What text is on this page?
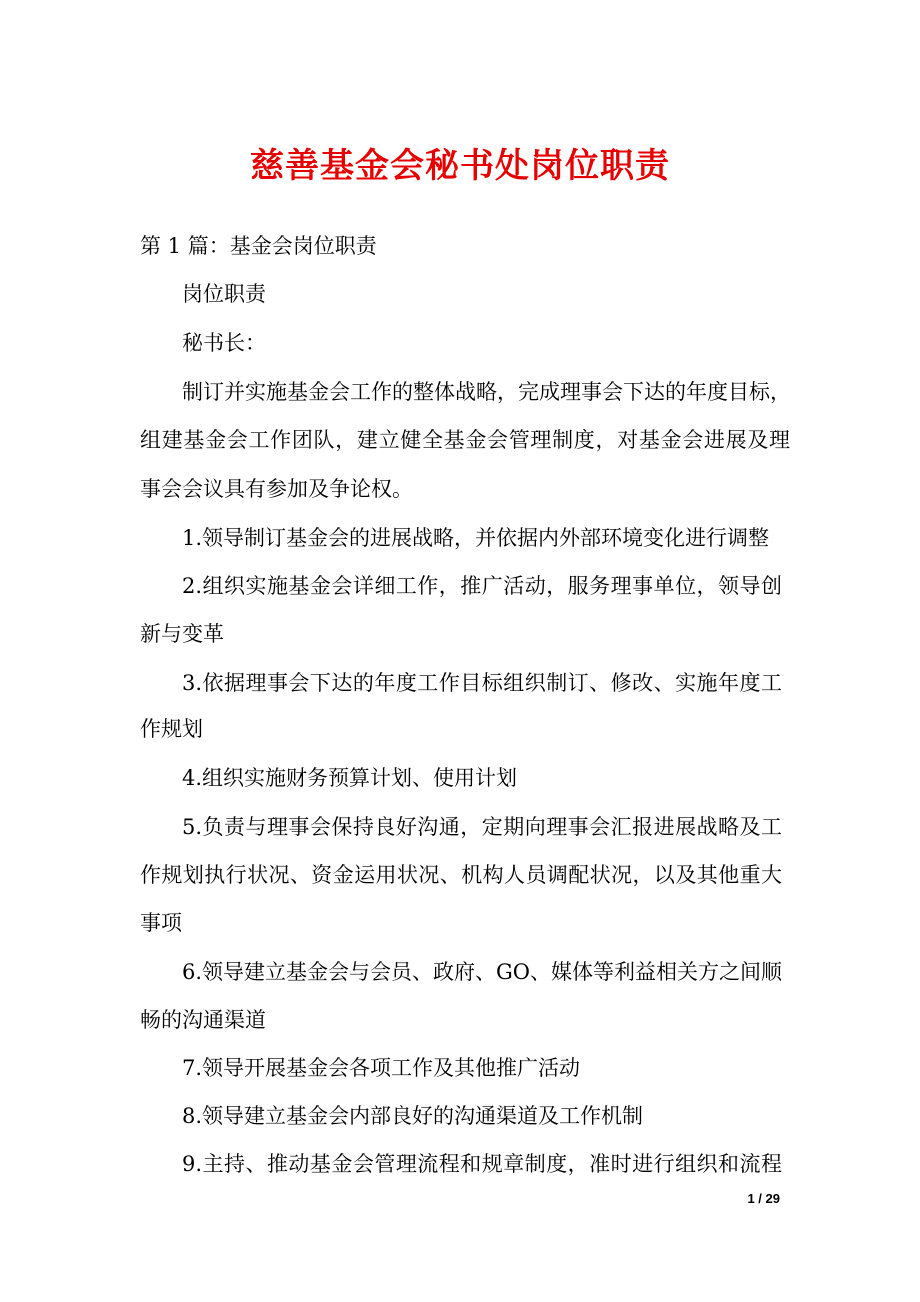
慈善基金会秘书处岗位职责
第 1 篇：基金会岗位职责
岗位职责
秘书长：
制订并实施基金会工作的整体战略，完成理事会下达的年度目标，
组建基金会工作团队，建立健全基金会管理制度，对基金会进展及理
事会会议具有参加及争论权。
1.领导制订基金会的进展战略，并依据内外部环境变化进行调整
2.组织实施基金会详细工作，推广活动，服务理事单位，领导创
新与变革
3.依据理事会下达的年度工作目标组织制订、修改、实施年度工
作规划
4.组织实施财务预算计划、使用计划
5.负责与理事会保持良好沟通，定期向理事会汇报进展战略及工
作规划执行状况、资金运用状况、机构人员调配状况，以及其他重大
事项
6.领导建立基金会与会员、政府、GO、媒体等利益相关方之间顺
畅的沟通渠道
7.领导开展基金会各项工作及其他推广活动
8.领导建立基金会内部良好的沟通渠道及工作机制
9.主持、推动基金会管理流程和规章制度，准时进行组织和流程
1 / 29
